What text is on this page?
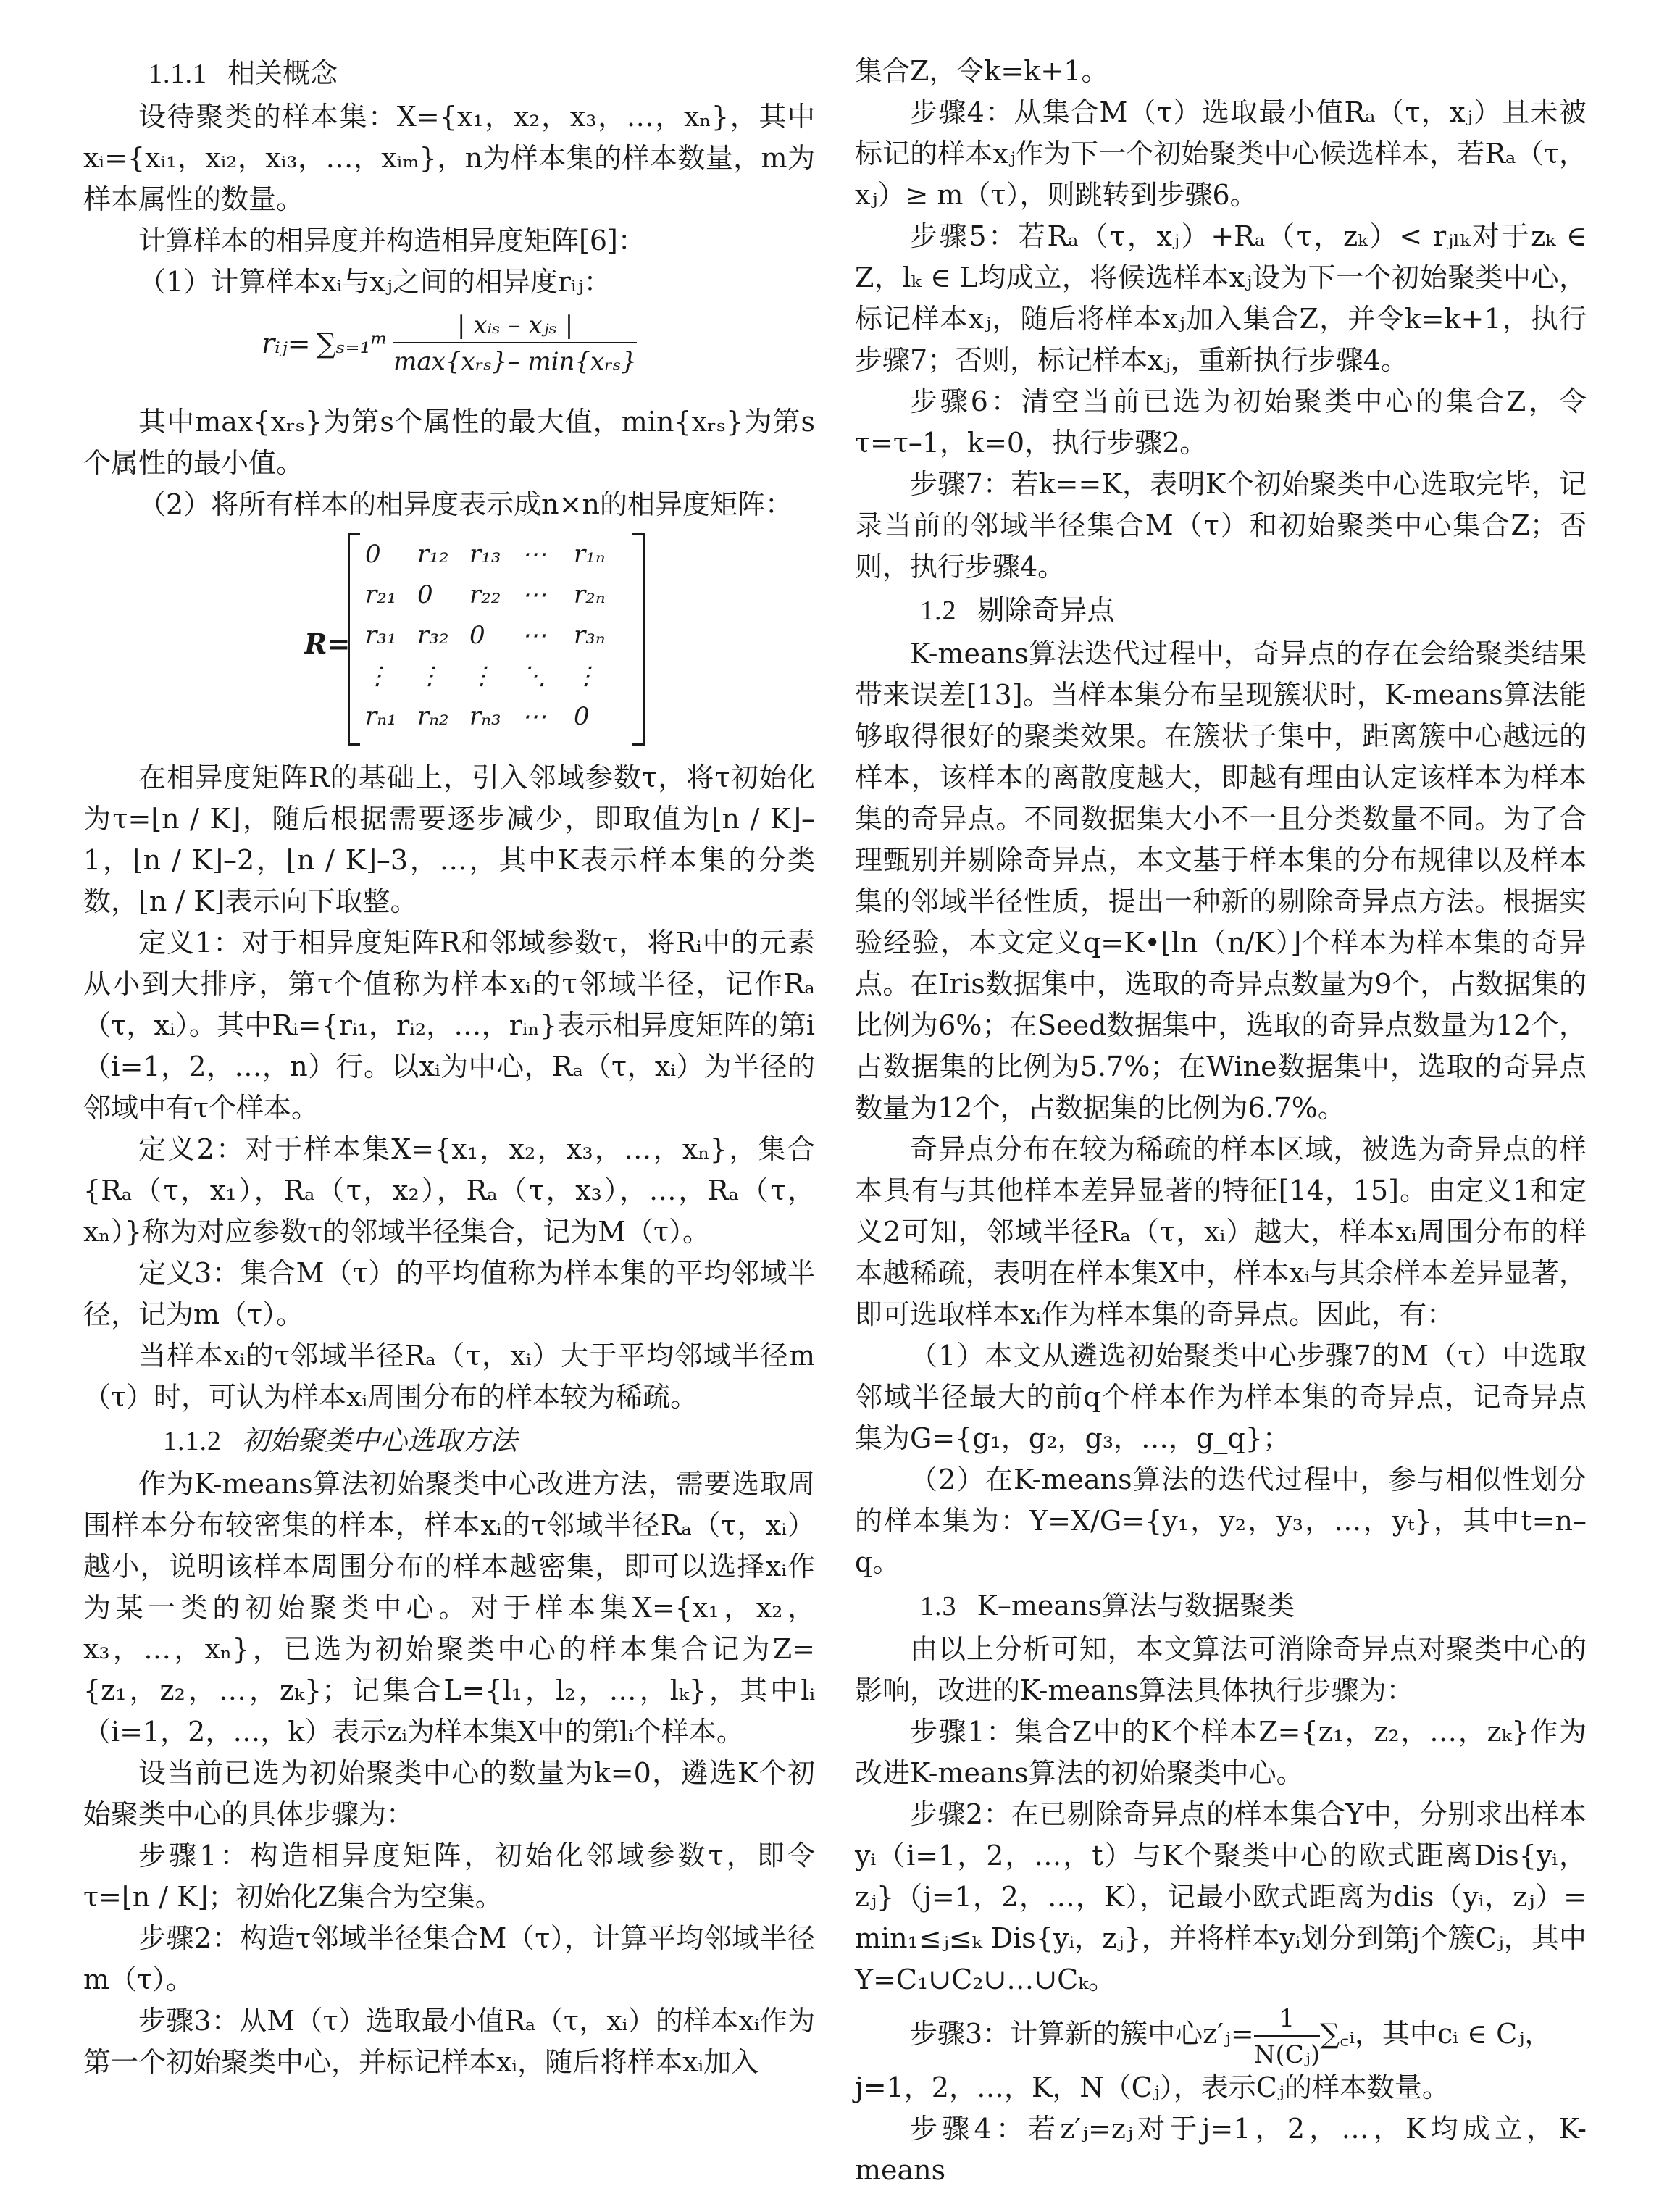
1.1.1 相关概念

设待聚类的样本集：X={x₁，x₂，x₃，…，xₙ}，其中xᵢ={xᵢ₁，xᵢ₂，xᵢ₃，…，xᵢₘ}，n为样本集的样本数量，m为样本属性的数量。

计算样本的相异度并构造相异度矩阵[6]：

（1）计算样本xᵢ与xⱼ之间的相异度rᵢⱼ：

rᵢⱼ= ∑ₛ₌₁ᵐ $\frac{\text{| xᵢₛ – xⱼₛ |}}{\text{max\{xᵣₛ\}– min\{xᵣₛ\}}}$

其中max{xᵣₛ}为第s个属性的最大值，min{xᵣₛ}为第s个属性的最小值。

（2）将所有样本的相异度表示成n×n的相异度矩阵：

R=
0	r₁₂	r₁₃	⋯	r₁ₙ
r₂₁	0	r₂₂	⋯	r₂ₙ
r₃₁	r₃₂	0	⋯	r₃ₙ
⋮	⋮	⋮	⋱	⋮
rₙ₁	rₙ₂	rₙ₃	⋯	0

在相异度矩阵R的基础上，引入邻域参数τ，将τ初始化为τ=⌊n / K⌋，随后根据需要逐步减少，即取值为⌊n / K⌋–1，⌊n / K⌋–2，⌊n / K⌋–3，…，其中K表示样本集的分类数，⌊n / K⌋表示向下取整。

定义1：对于相异度矩阵R和邻域参数τ，将Rᵢ中的元素从小到大排序，第τ个值称为样本xᵢ的τ邻域半径，记作Rₐ（τ，xᵢ）。其中Rᵢ={rᵢ₁，rᵢ₂，…，rᵢₙ}表示相异度矩阵的第i（i=1，2，…，n）行。以xᵢ为中心，Rₐ（τ，xᵢ）为半径的邻域中有τ个样本。

定义2：对于样本集X={x₁，x₂，x₃，…，xₙ}，集合{Rₐ（τ，x₁），Rₐ（τ，x₂），Rₐ（τ，x₃），…，Rₐ（τ，xₙ）}称为对应参数τ的邻域半径集合，记为M（τ）。

定义3：集合M（τ）的平均值称为样本集的平均邻域半径，记为m（τ）。

当样本xᵢ的τ邻域半径Rₐ（τ，xᵢ）大于平均邻域半径m（τ）时，可认为样本xᵢ周围分布的样本较为稀疏。

1.1.2 初始聚类中心选取方法

作为K-means算法初始聚类中心改进方法，需要选取周围样本分布较密集的样本，样本xᵢ的τ邻域半径Rₐ（τ，xᵢ）越小，说明该样本周围分布的样本越密集，即可以选择xᵢ作为某一类的初始聚类中心。对于样本集X={x₁，x₂，x₃，…，xₙ}，已选为初始聚类中心的样本集合记为Z={z₁，z₂，…，zₖ}；记集合L={l₁，l₂，…，lₖ}，其中lᵢ（i=1，2，…，k）表示zᵢ为样本集X中的第lᵢ个样本。

设当前已选为初始聚类中心的数量为k=0，遴选K个初始聚类中心的具体步骤为：

步骤1：构造相异度矩阵，初始化邻域参数τ，即令τ=⌊n / K⌋；初始化Z集合为空集。

步骤2：构造τ邻域半径集合M（τ），计算平均邻域半径m（τ）。

步骤3：从M（τ）选取最小值Rₐ（τ，xᵢ）的样本xᵢ作为第一个初始聚类中心，并标记样本xᵢ，随后将样本xᵢ加入

集合Z，令k=k+1。

步骤4：从集合M（τ）选取最小值Rₐ（τ，xⱼ）且未被标记的样本xⱼ作为下一个初始聚类中心候选样本，若Rₐ（τ，xⱼ）≥ m（τ），则跳转到步骤6。

步骤5：若Rₐ（τ，xⱼ）+Rₐ（τ，zₖ）< rⱼₗₖ对于zₖ ∈ Z，lₖ ∈ L均成立，将候选样本xⱼ设为下一个初始聚类中心，标记样本xⱼ，随后将样本xⱼ加入集合Z，并令k=k+1，执行步骤7；否则，标记样本xⱼ，重新执行步骤4。

步骤6：清空当前已选为初始聚类中心的集合Z，令τ=τ–1，k=0，执行步骤2。

步骤7：若k==K，表明K个初始聚类中心选取完毕，记录当前的邻域半径集合M（τ）和初始聚类中心集合Z；否则，执行步骤4。

1.2 剔除奇异点

K-means算法迭代过程中，奇异点的存在会给聚类结果带来误差[13]。当样本集分布呈现簇状时，K-means算法能够取得很好的聚类效果。在簇状子集中，距离簇中心越远的样本，该样本的离散度越大，即越有理由认定该样本为样本集的奇异点。不同数据集大小不一且分类数量不同。为了合理甄别并剔除奇异点，本文基于样本集的分布规律以及样本集的邻域半径性质，提出一种新的剔除奇异点方法。根据实验经验，本文定义q=K•⌊ln（n/K）⌋个样本为样本集的奇异点。在Iris数据集中，选取的奇异点数量为9个，占数据集的比例为6%；在Seed数据集中，选取的奇异点数量为12个，占数据集的比例为5.7%；在Wine数据集中，选取的奇异点数量为12个，占数据集的比例为6.7%。

奇异点分布在较为稀疏的样本区域，被选为奇异点的样本具有与其他样本差异显著的特征[14，15]。由定义1和定义2可知，邻域半径Rₐ（τ，xᵢ）越大，样本xᵢ周围分布的样本越稀疏，表明在样本集X中，样本xᵢ与其余样本差异显著，即可选取样本xᵢ作为样本集的奇异点。因此，有：

（1）本文从遴选初始聚类中心步骤7的M（τ）中选取邻域半径最大的前q个样本作为样本集的奇异点，记奇异点集为G={g₁，g₂，g₃，…，g_q}；

（2）在K-means算法的迭代过程中，参与相似性划分的样本集为：Y=X/G={y₁，y₂，y₃，…，yₜ}，其中t=n–q。

1.3 K–means算法与数据聚类

由以上分析可知，本文算法可消除奇异点对聚类中心的影响，改进的K-means算法具体执行步骤为：

步骤1：集合Z中的K个样本Z={z₁，z₂，…，zₖ}作为改进K-means算法的初始聚类中心。

步骤2：在已剔除奇异点的样本集合Y中，分别求出样本yᵢ（i=1，2，…，t）与K个聚类中心的欧式距离Dis{yᵢ，zⱼ}（j=1，2，…，K），记最小欧式距离为dis（yᵢ，zⱼ）= min₁≤ⱼ≤ₖ Dis{yᵢ，zⱼ}，并将样本yᵢ划分到第j个簇Cⱼ，其中Y=C₁∪C₂∪…∪Cₖ。

步骤3：计算新的簇中心z′ⱼ= $\frac{1}{\text{N(Cⱼ)}}$ ∑꜀ᵢ，其中cᵢ ∈ Cⱼ，

j=1，2，…，K，N（Cⱼ），表示Cⱼ的样本数量。

步骤4：若z′ⱼ=zⱼ对于j=1，2，…，K均成立，K-means
